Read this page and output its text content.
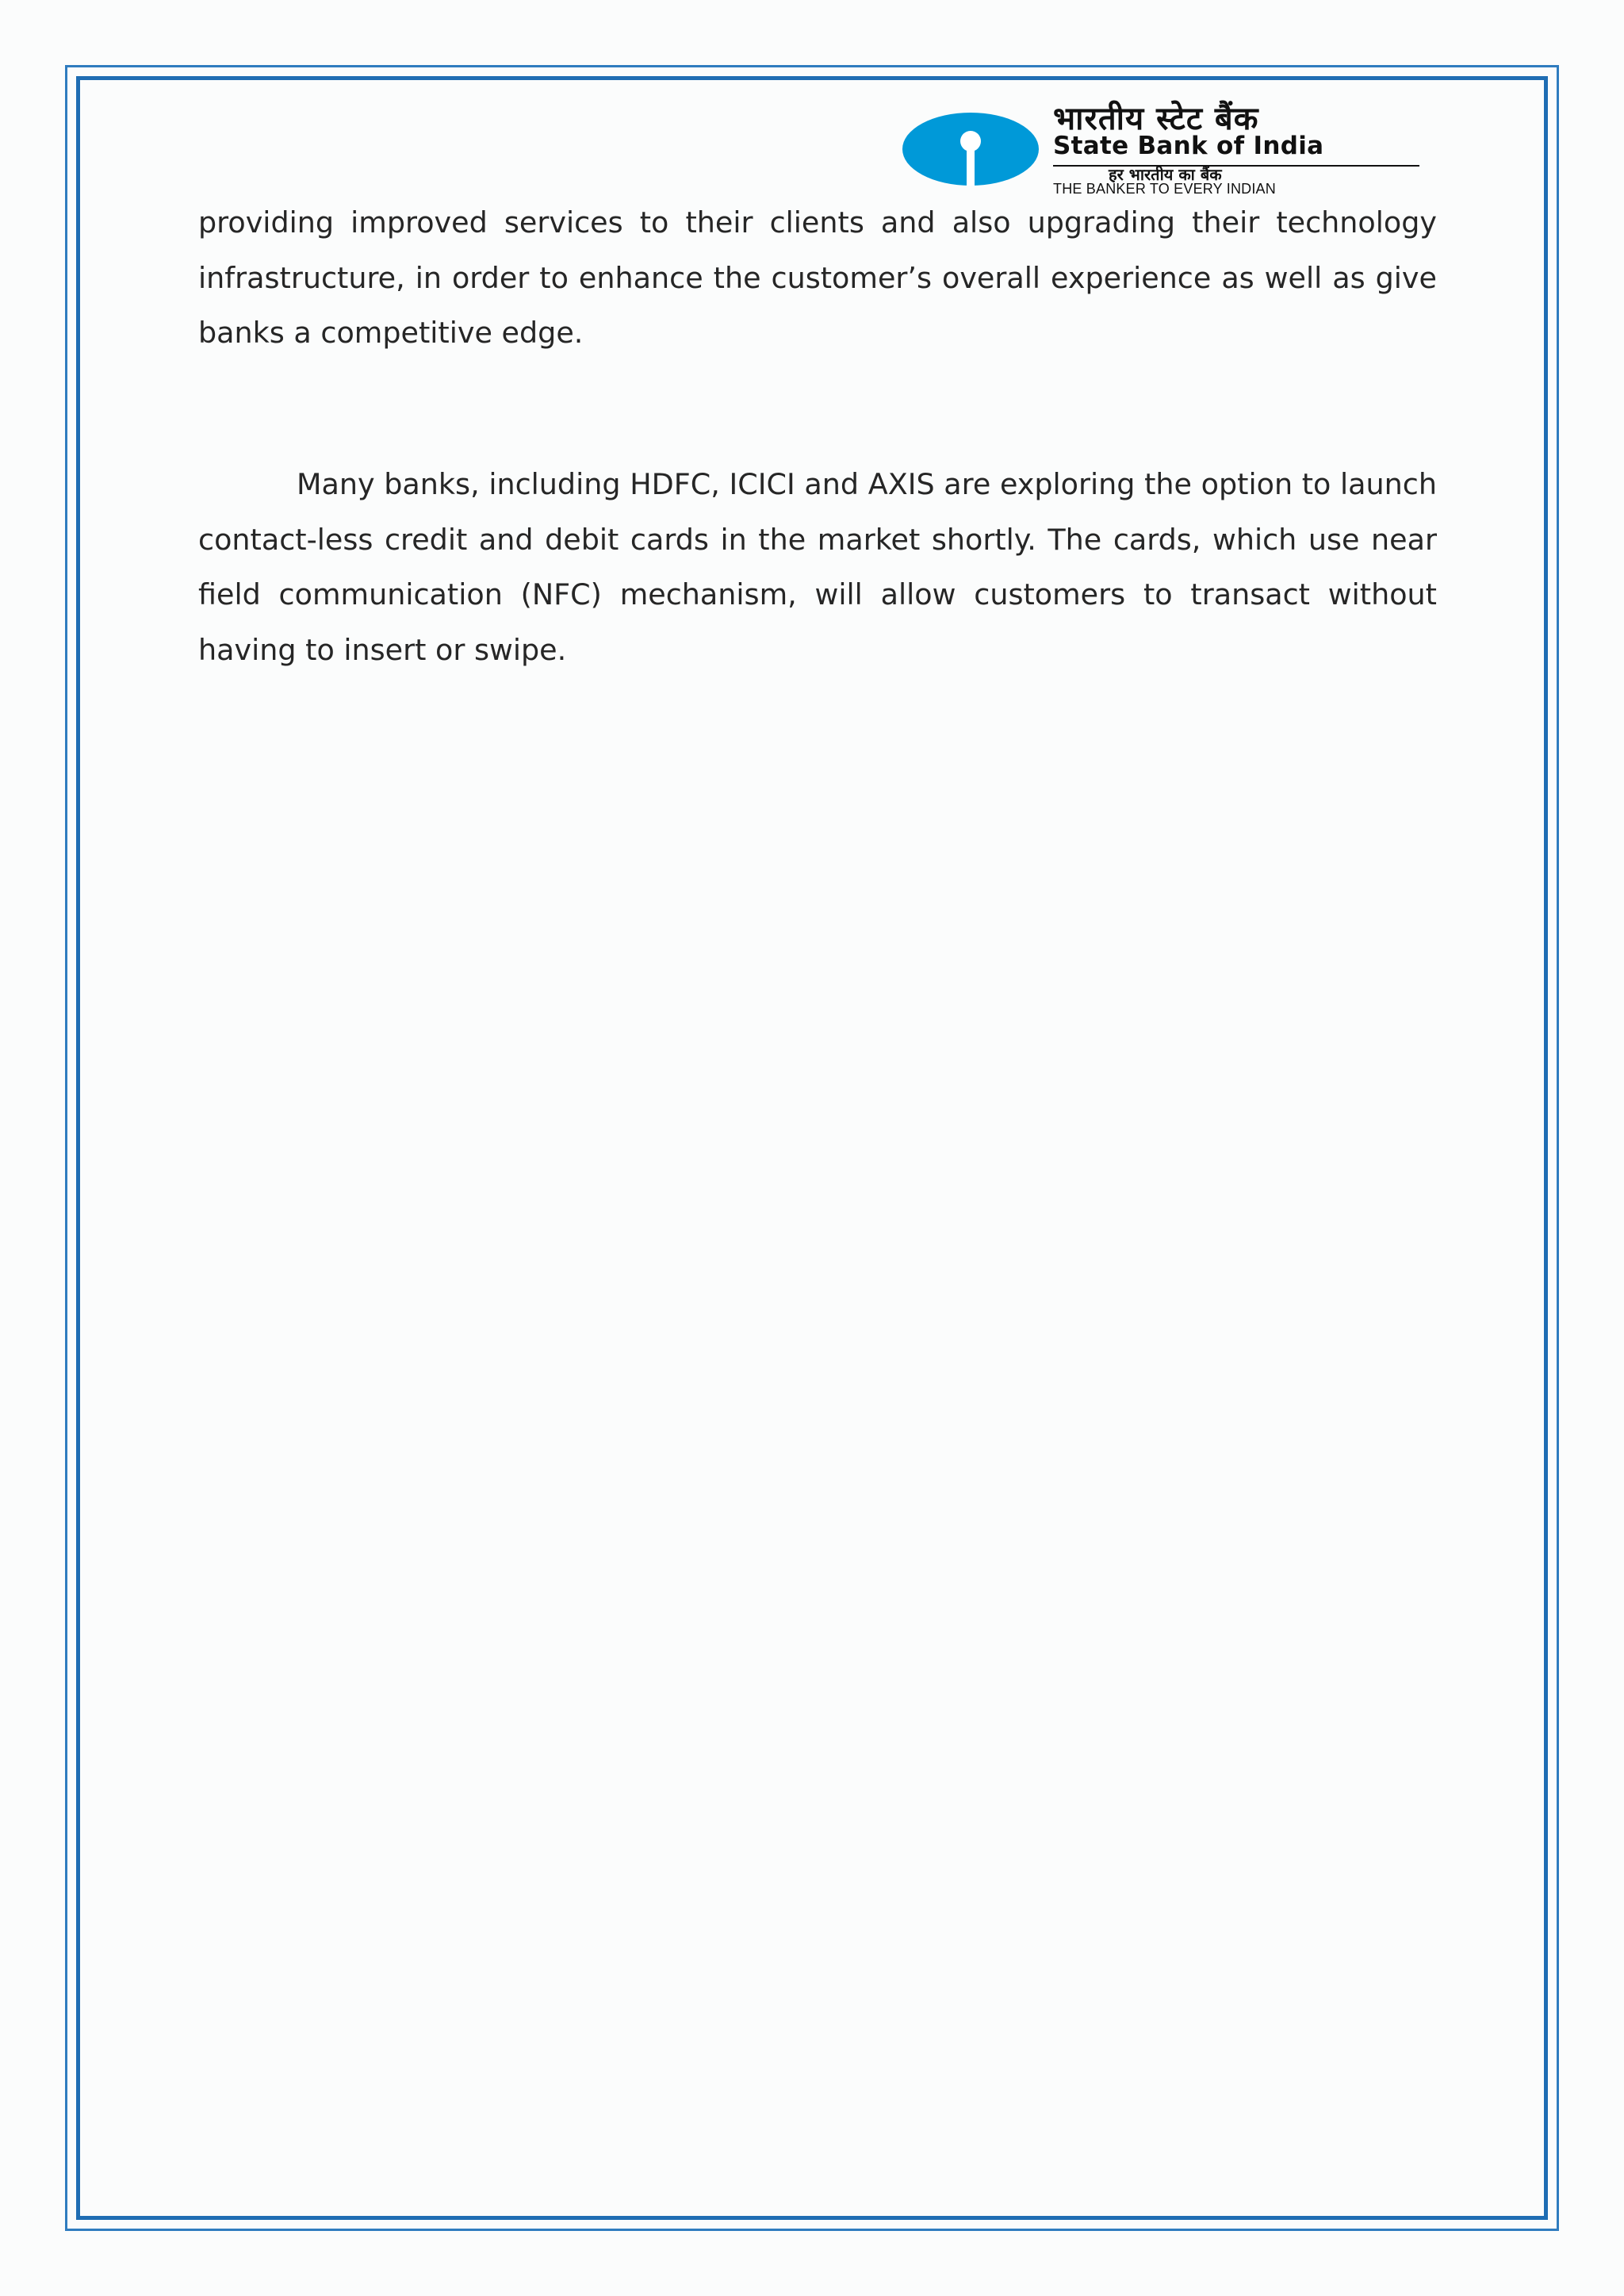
भारतीय स्टेट बैंक
State Bank of India
हर भारतीय का बैंक
THE BANKER TO EVERY INDIAN

providing improved services to their clients and also upgrading their technology infrastructure, in order to enhance the customer’s overall experience as well as give banks a competitive edge.

Many banks, including HDFC, ICICI and AXIS are exploring the option to launch contact-less credit and debit cards in the market shortly. The cards, which use near field communication (NFC) mechanism, will allow customers to transact without having to insert or swipe.
